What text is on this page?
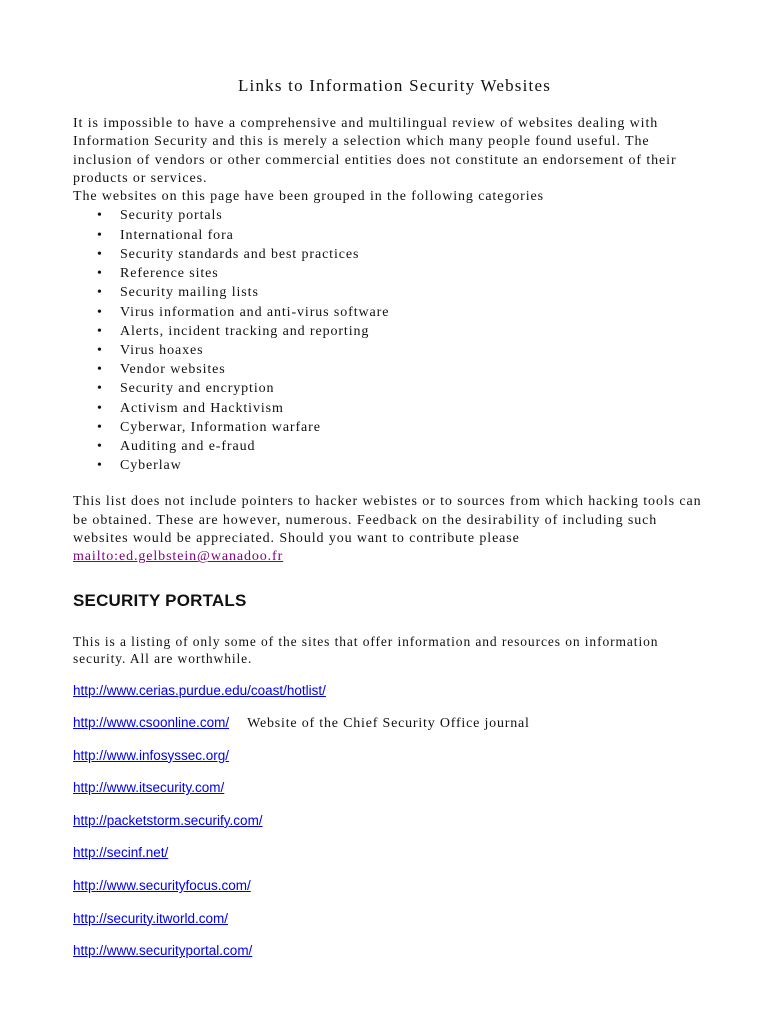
Links to Information Security Websites

It is impossible to have a comprehensive and multilingual review of websites dealing with Information Security and this is merely a selection which many people found useful. The inclusion of vendors or other commercial entities does not constitute an endorsement of their products or services.

The websites on this page have been grouped in the following categories

• Security portals
• International fora
• Security standards and best practices
• Reference sites
• Security mailing lists
• Virus information and anti-virus software
• Alerts, incident tracking and reporting
• Virus hoaxes
• Vendor websites
• Security and encryption
• Activism and Hacktivism
• Cyberwar, Information warfare
• Auditing and e-fraud
• Cyberlaw

This list does not include pointers to hacker webistes or to sources from which hacking tools can be obtained. These are however, numerous. Feedback on the desirability of including such websites would be appreciated. Should you want to contribute please mailto:ed.gelbstein@wanadoo.fr

SECURITY PORTALS

This is a listing of only some of the sites that offer information and resources on information security. All are worthwhile.

http://www.cerias.purdue.edu/coast/hotlist/
http://www.csoonline.com/ Website of the Chief Security Office journal
http://www.infosyssec.org/
http://www.itsecurity.com/
http://packetstorm.securify.com/
http://secinf.net/
http://www.securityfocus.com/
http://security.itworld.com/
http://www.securityportal.com/
